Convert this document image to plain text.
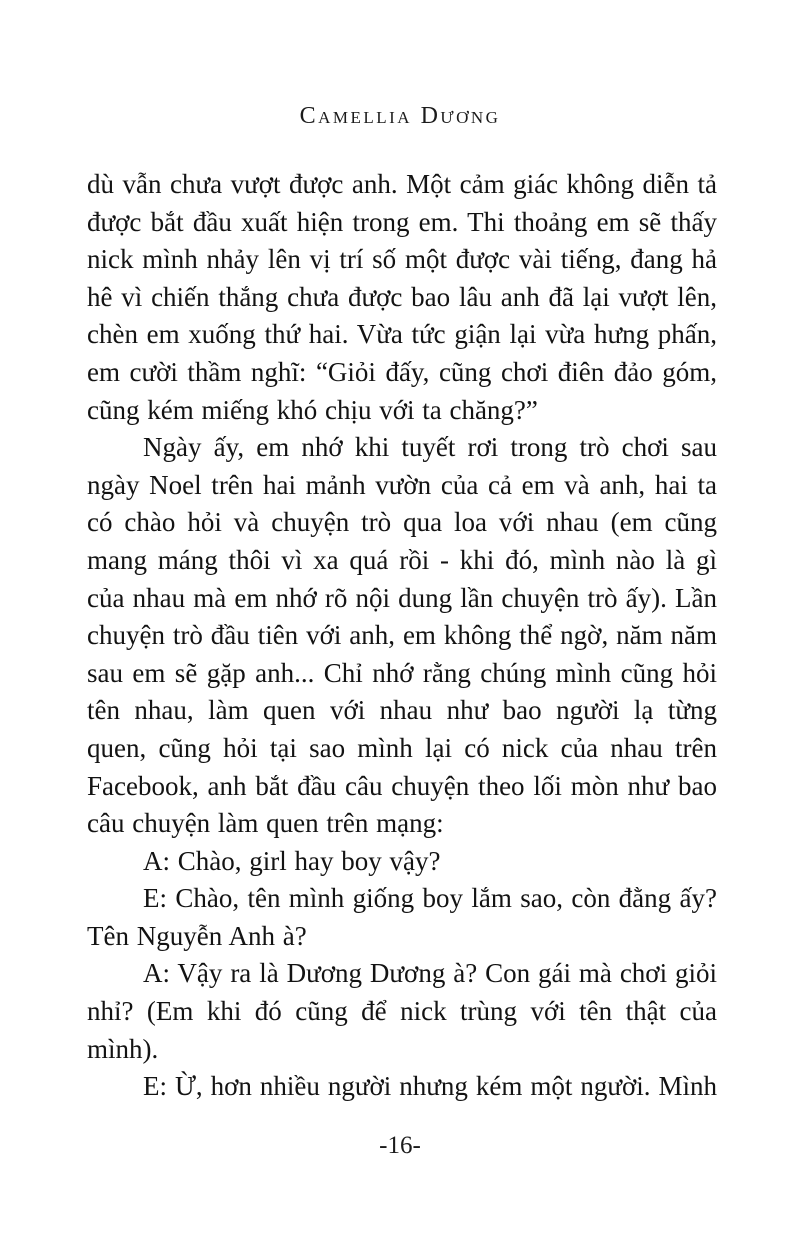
Camellia Dương

dù vẫn chưa vượt được anh. Một cảm giác không diễn tả được bắt đầu xuất hiện trong em. Thi thoảng em sẽ thấy nick mình nhảy lên vị trí số một được vài tiếng, đang hả hê vì chiến thắng chưa được bao lâu anh đã lại vượt lên, chèn em xuống thứ hai. Vừa tức giận lại vừa hưng phấn, em cười thầm nghĩ: “Giỏi đấy, cũng chơi điên đảo góm, cũng kém miếng khó chịu với ta chăng?”

Ngày ấy, em nhớ khi tuyết rơi trong trò chơi sau ngày Noel trên hai mảnh vườn của cả em và anh, hai ta có chào hỏi và chuyện trò qua loa với nhau (em cũng mang máng thôi vì xa quá rồi - khi đó, mình nào là gì của nhau mà em nhớ rõ nội dung lần chuyện trò ấy). Lần chuyện trò đầu tiên với anh, em không thể ngờ, năm năm sau em sẽ gặp anh... Chỉ nhớ rằng chúng mình cũng hỏi tên nhau, làm quen với nhau như bao người lạ từng quen, cũng hỏi tại sao mình lại có nick của nhau trên Facebook, anh bắt đầu câu chuyện theo lối mòn như bao câu chuyện làm quen trên mạng:

A: Chào, girl hay boy vậy?

E: Chào, tên mình giống boy lắm sao, còn đằng ấy? Tên Nguyễn Anh à?

A: Vậy ra là Dương Dương à? Con gái mà chơi giỏi nhỉ? (Em khi đó cũng để nick trùng với tên thật của mình).

E: Ừ, hơn nhiều người nhưng kém một người. Mình

-16-
